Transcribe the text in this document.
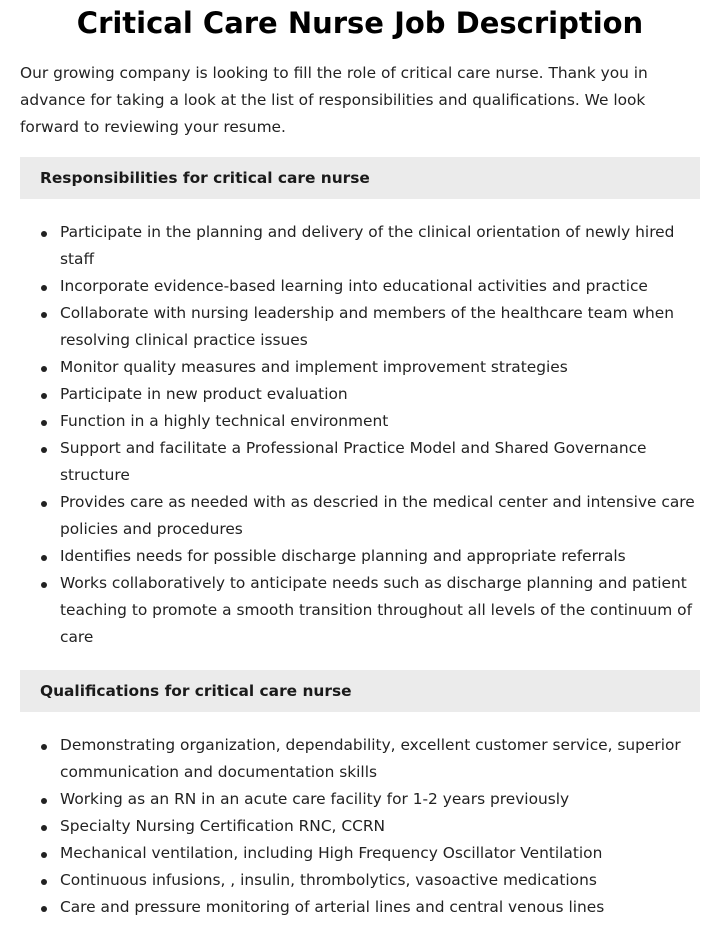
Critical Care Nurse Job Description

Our growing company is looking to fill the role of critical care nurse. Thank you in advance for taking a look at the list of responsibilities and qualifications. We look forward to reviewing your resume.

Responsibilities for critical care nurse
Participate in the planning and delivery of the clinical orientation of newly hired staff
Incorporate evidence-based learning into educational activities and practice
Collaborate with nursing leadership and members of the healthcare team when resolving clinical practice issues
Monitor quality measures and implement improvement strategies
Participate in new product evaluation
Function in a highly technical environment
Support and facilitate a Professional Practice Model and Shared Governance structure
Provides care as needed with as descried in the medical center and intensive care policies and procedures
Identifies needs for possible discharge planning and appropriate referrals
Works collaboratively to anticipate needs such as discharge planning and patient teaching to promote a smooth transition throughout all levels of the continuum of care
Qualifications for critical care nurse
Demonstrating organization, dependability, excellent customer service, superior communication and documentation skills
Working as an RN in an acute care facility for 1-2 years previously
Specialty Nursing Certification RNC, CCRN
Mechanical ventilation, including High Frequency Oscillator Ventilation
Continuous infusions, , insulin, thrombolytics, vasoactive medications
Care and pressure monitoring of arterial lines and central venous lines
